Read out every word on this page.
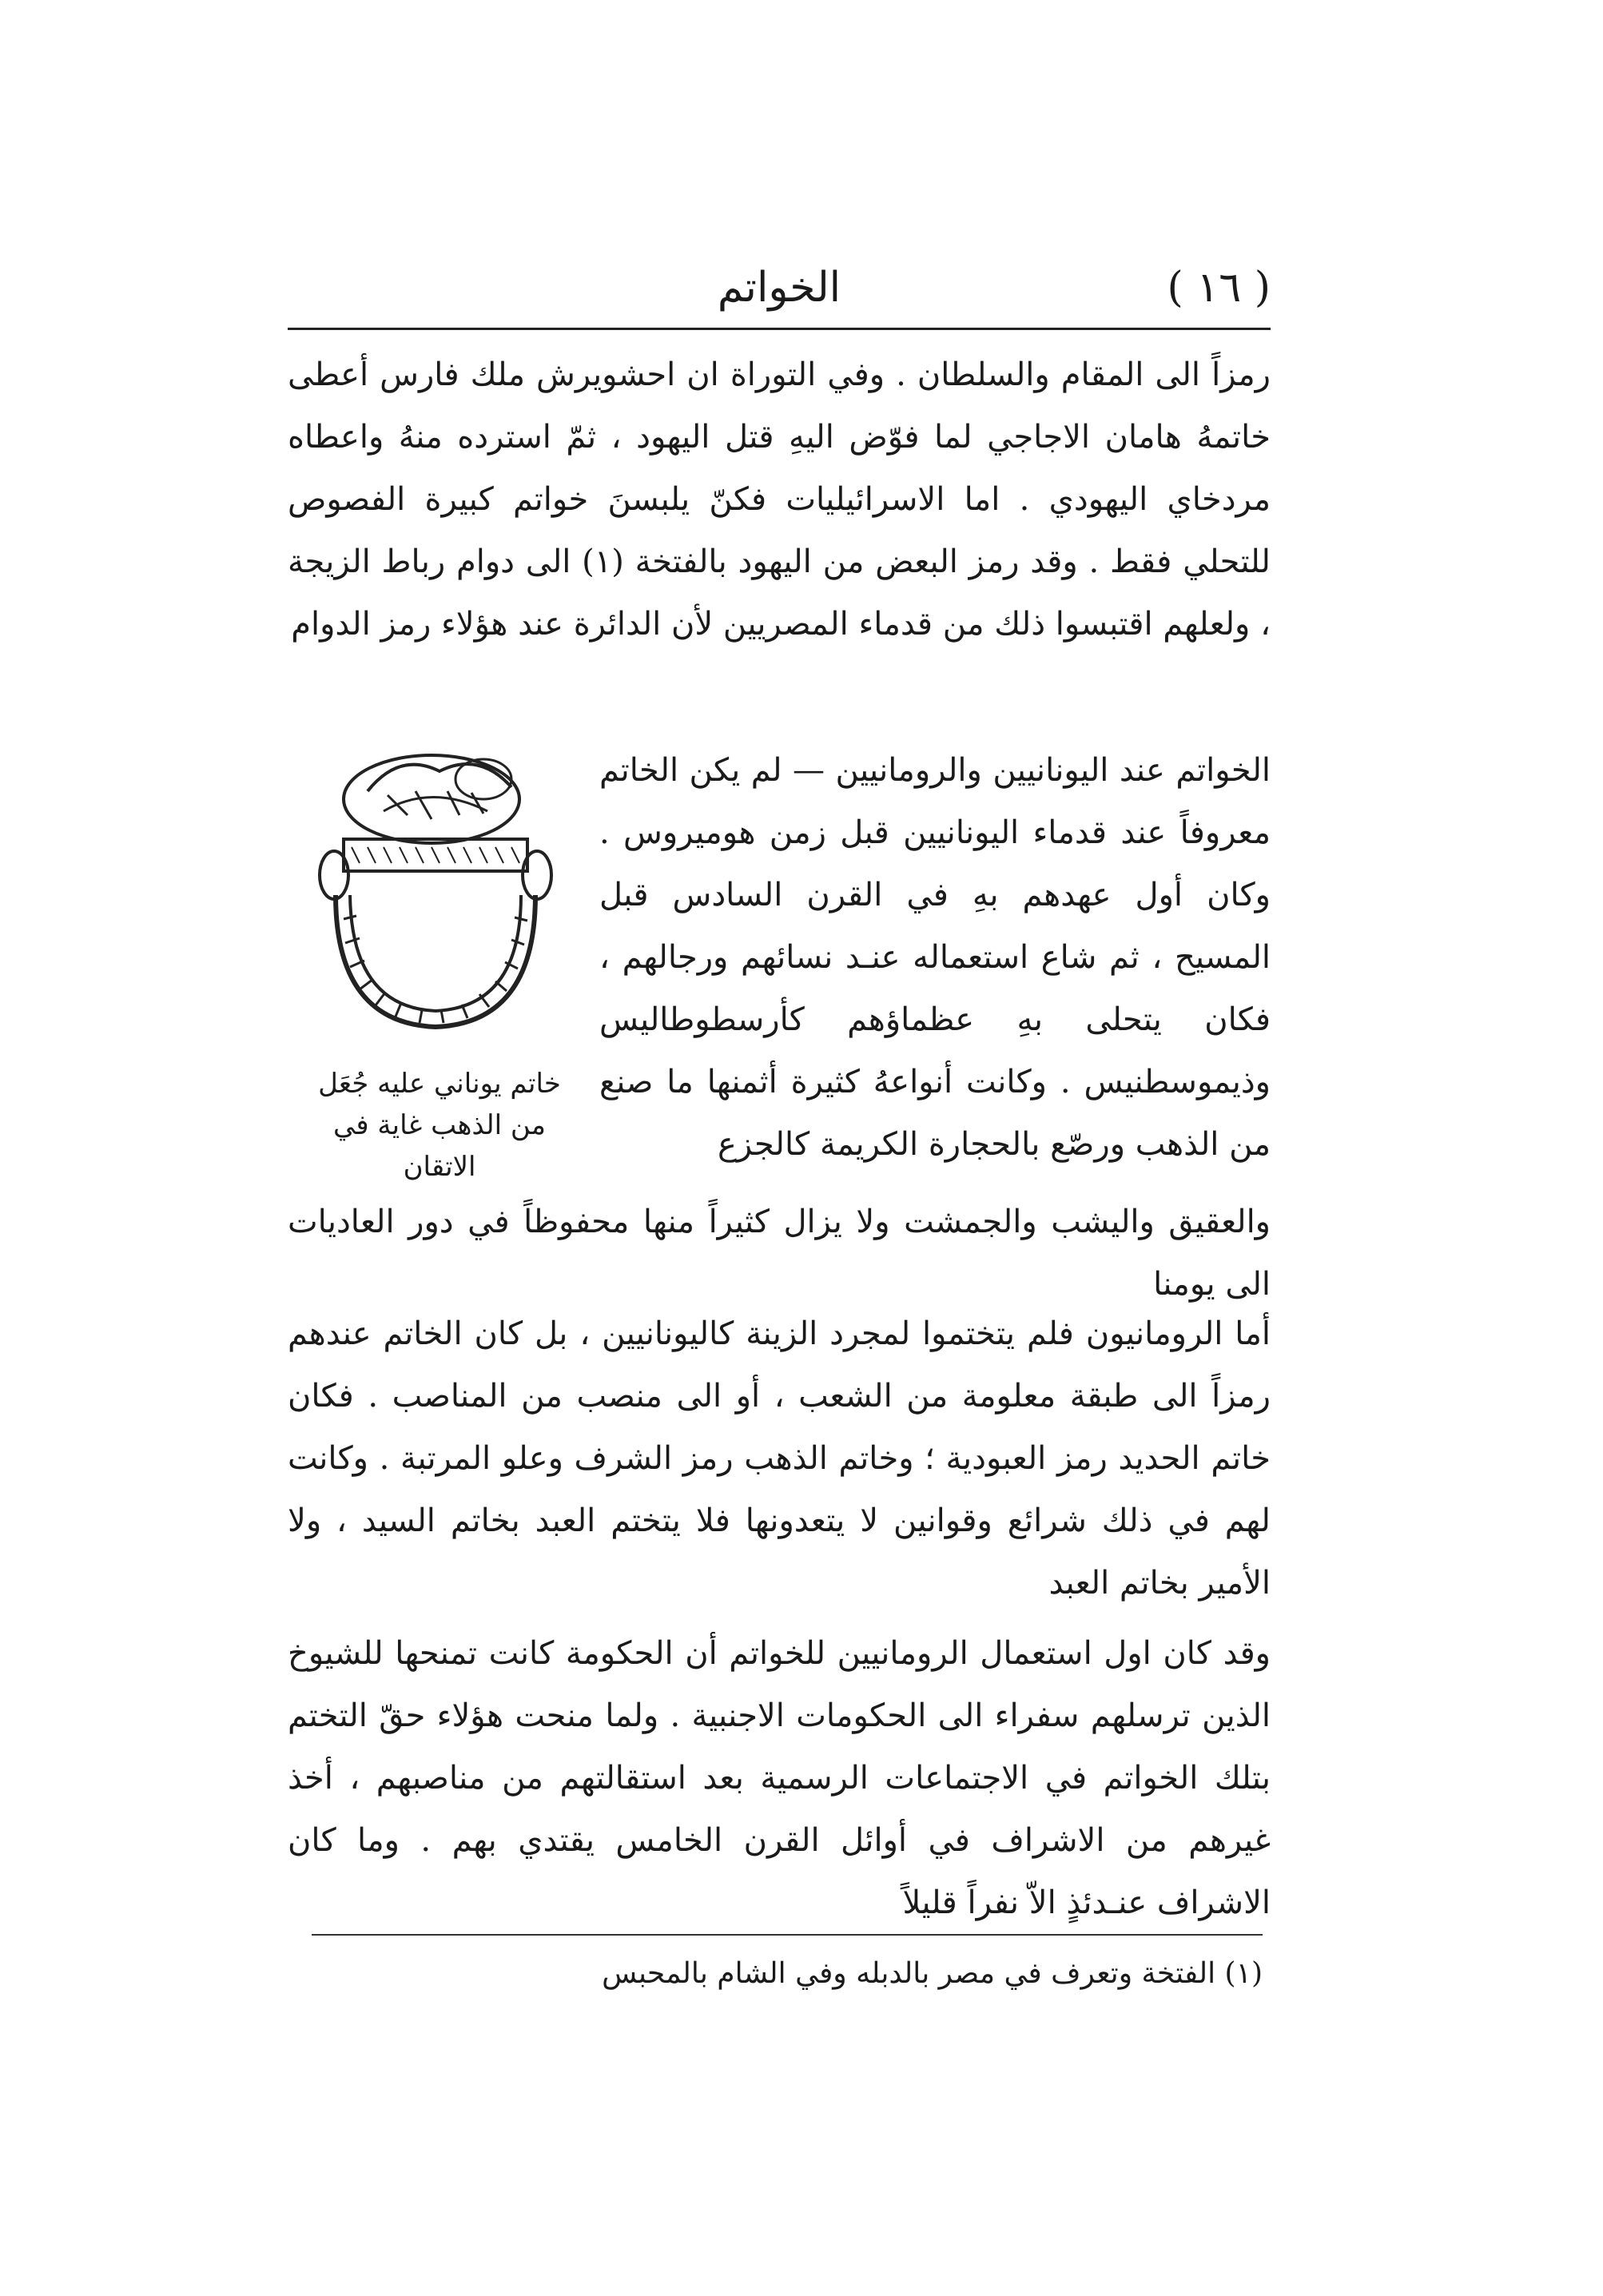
( ١٦ )
الخواتم

رمزاً الى المقام والسلطان . وفي التوراة ان احشويرش ملك فارس أعطى خاتمهُ هامان الاجاجي لما فوّض اليهِ قتل اليهود ، ثمّ استرده منهُ واعطاه مردخاي اليهودي . اما الاسرائيليات فكنّ يلبسنَ خواتم كبيرة الفصوص للتحلي فقط . وقد رمز البعض من اليهود بالفتخة (١) الى دوام رباط الزيجة ، ولعلهم اقتبسوا ذلك من قدماء المصريين لأن الدائرة عند هؤلاء رمز الدوام

الخواتم عند اليونانيين والرومانيين — لم يكن الخاتم معروفاً عند قدماء اليونانيين قبل زمن هوميروس . وكان أول عهدهم بهِ في القرن السادس قبل المسيح ، ثم شاع استعماله عنـد نسائهم ورجالهم ، فكان يتحلى بهِ عظماؤهم كأرسطوطاليس وذيموسطنيس . وكانت أنواعهُ كثيرة أثمنها ما صنع من الذهب ورصّع بالحجارة الكريمة كالجزع

خاتم يوناني عليه جُعَل من الذهب غاية في الاتقان

والعقيق واليشب والجمشت ولا يزال كثيراً منها محفوظاً في دور العاديات الى يومنا

أما الرومانيون فلم يتختموا لمجرد الزينة كاليونانيين ، بل كان الخاتم عندهم رمزاً الى طبقة معلومة من الشعب ، أو الى منصب من المناصب . فكان خاتم الحديد رمز العبودية ؛ وخاتم الذهب رمز الشرف وعلو المرتبة . وكانت لهم في ذلك شرائع وقوانين لا يتعدونها فلا يتختم العبد بخاتم السيد ، ولا الأمير بخاتم العبد

وقد كان اول استعمال الرومانيين للخواتم أن الحكومة كانت تمنحها للشيوخ الذين ترسلهم سفراء الى الحكومات الاجنبية . ولما منحت هؤلاء حقّ التختم بتلك الخواتم في الاجتماعات الرسمية بعد استقالتهم من مناصبهم ، أخذ غيرهم من الاشراف في أوائل القرن الخامس يقتدي بهم . وما كان الاشراف عنـدئذٍ الاّ نفراً قليلاً

(١) الفتخة وتعرف في مصر بالدبله وفي الشام بالمحبس
